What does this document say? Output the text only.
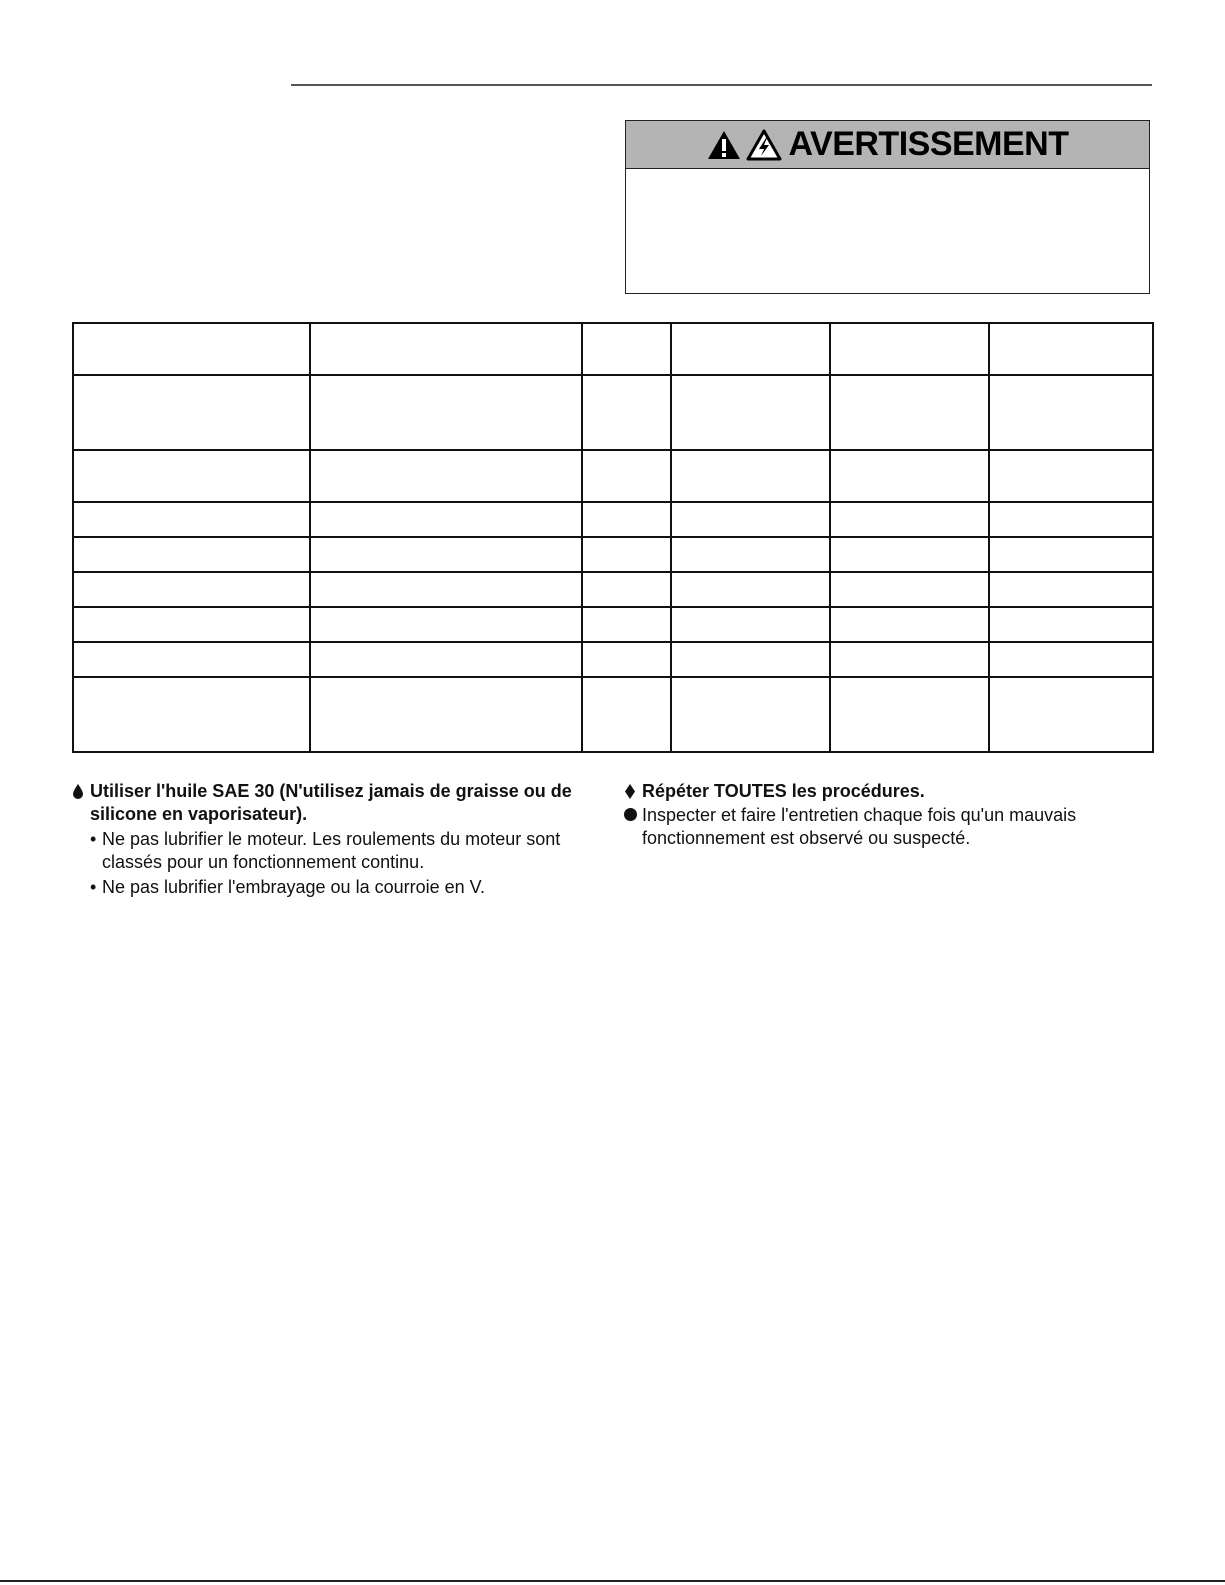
AVERTISSEMENT

Utiliser l'huile SAE 30 (N'utilisez jamais de graisse ou de silicone en vaporisateur).
• Ne pas lubrifier le moteur. Les roulements du moteur sont classés pour un fonctionnement continu.
• Ne pas lubrifier l'embrayage ou la courroie en V.
Répéter TOUTES les procédures.
Inspecter et faire l'entretien chaque fois qu'un mauvais fonctionnement est observé ou suspecté.
